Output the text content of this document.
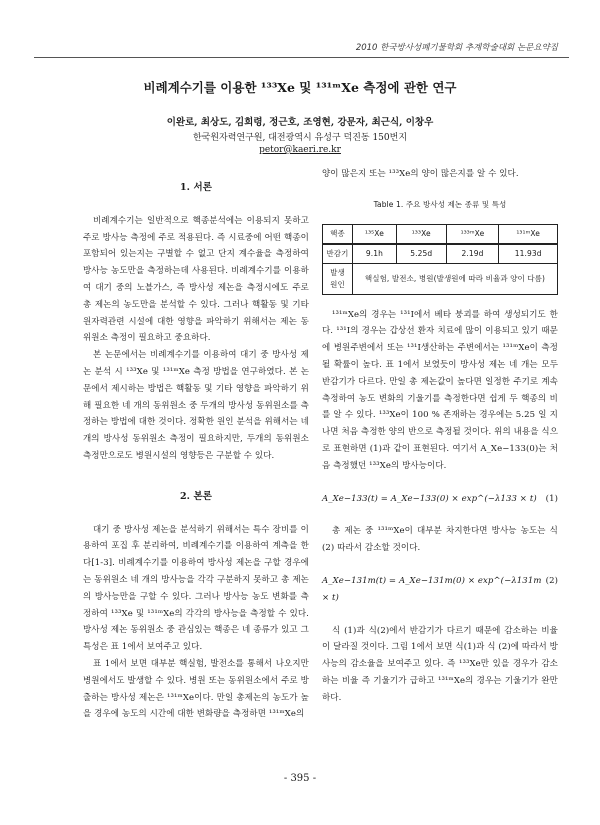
2010 한국방사성폐기물학회 추계학술대회 논문요약집
비례계수기를 이용한 ¹³³Xe 및 ¹³¹ᵐXe 측정에 관한 연구
이완로, 최상도, 김희령, 정근호, 조영현, 강문자, 최근식, 이창우
한국원자력연구원, 대전광역시 유성구 덕진동 150번지
petor@kaeri.re.kr
1. 서론

비례계수기는 일반적으로 핵종분석에는 이용되지 못하고 주로 방사능 측정에 주로 적용된다. 즉 시료중에 어떤 핵종이 포함되어 있는지는 구별할 수 없고 단지 계수율을 측정하여 방사능 농도만을 측정하는데 사용된다. 비례계수기를 이용하여 대기 중의 노블가스, 즉 방사성 제논을 측정시에도 주로 총 제논의 농도만을 분석할 수 있다. 그러나 핵활동 및 기타 원자력관련 시설에 대한 영향을 파악하기 위해서는 제논 동위원소 측정이 필요하고 중요하다.

본 논문에서는 비례계수기를 이용하여 대기 중 방사성 제논 분석 시 ¹³³Xe 및 ¹³¹ᵐXe 측정 방법을 연구하였다. 본 논문에서 제시하는 방법은 핵활동 및 기타 영향을 파악하기 위해 필요한 네 개의 동위원소 중 두개의 방사성 동위원소를 측정하는 방법에 대한 것이다. 정확한 원인 분석을 위해서는 네 개의 방사성 동위원소 측정이 필요하지만, 두개의 동위원소 측정만으로도 병원시설의 영향등은 구분할 수 있다.

2. 본론

대기 중 방사성 제논을 분석하기 위해서는 특수 장비를 이용하여 포집 후 분리하여, 비례계수기를 이용하여 계측을 한다[1-3]. 비례계수기를 이용하여 방사성 제논을 구할 경우에는 동위원소 네 개의 방사능을 각각 구분하지 못하고 총 제논의 방사능만을 구할 수 있다. 그러나 방사능 농도 변화를 측정하여 ¹³³Xe 및 ¹³¹ᵐXe의 각각의 방사능을 측정할 수 있다. 방사성 제논 동위원소 중 관심있는 핵종은 네 종류가 있고 그 특성은 표 1에서 보여주고 있다.

표 1에서 보면 대부분 핵실험, 발전소를 통해서 나오지만 병원에서도 발생할 수 있다. 병원 또는 동위원소에서 주로 방출하는 방사성 제논은 ¹³¹ᵐXe이다. 만일 총제논의 농도가 높을 경우에 농도의 시간에 대한 변화량을 측정하면 ¹³¹ᵐXe의

양이 많은지 또는 ¹³³Xe의 양이 많은지를 알 수 있다.

Table 1. 주요 방사성 제논 종류 및 특성
핵종	¹³⁵Xe	¹³³Xe	¹³³ᵐXe	¹³¹ᵐXe
반감기	9.1h	5.25d	2.19d	11.93d
발생
원인	핵실험, 발전소, 병원(발생원에 따라 비율과 양이 다름)			

¹³¹ᵐXe의 경우는 ¹³¹I에서 베타 붕괴를 하여 생성되기도 한다. ¹³¹I의 경우는 갑상선 환자 치료에 많이 이용되고 있기 때문에 병원주변에서 또는 ¹³¹I생산하는 주변에서는 ¹³¹ᵐXe이 측정될 확률이 높다. 표 1에서 보였듯이 방사성 제논 네 개는 모두 반감기가 다르다. 만일 총 제논값이 높다면 일정한 주기로 계속 측정하여 농도 변화의 기울기를 측정한다면 쉽게 두 핵종의 비를 알 수 있다. ¹³³Xe이 100 % 존재하는 경우에는 5.25 일 지나면 처음 측정한 양의 반으로 측정될 것이다. 위의 내용을 식으로 표현하면 (1)과 같이 표현된다. 여기서 A_Xe−133(0)는 처음 측정했던 ¹³³Xe의 방사능이다.

A_Xe−133(t) = A_Xe−133(0) × exp^(−λ133 × t) (1)

총 제논 중 ¹³¹ᵐXe이 대부분 차지한다면 방사능 농도는 식 (2) 따라서 감소할 것이다.

A_Xe−131m(t) = A_Xe−131m(0) × exp^(−λ131m × t)
(2)

식 (1)과 식(2)에서 반감기가 다르기 때문에 감소하는 비율이 달라질 것이다. 그림 1에서 보면 식(1)과 식 (2)에 따라서 방사능의 감소율을 보여주고 있다. 즉 ¹³³Xe만 있을 경우가 감소하는 비율 즉 기울기가 급하고 ¹³¹ᵐXe의 경우는 기울기가 완만하다.

- 395 -
